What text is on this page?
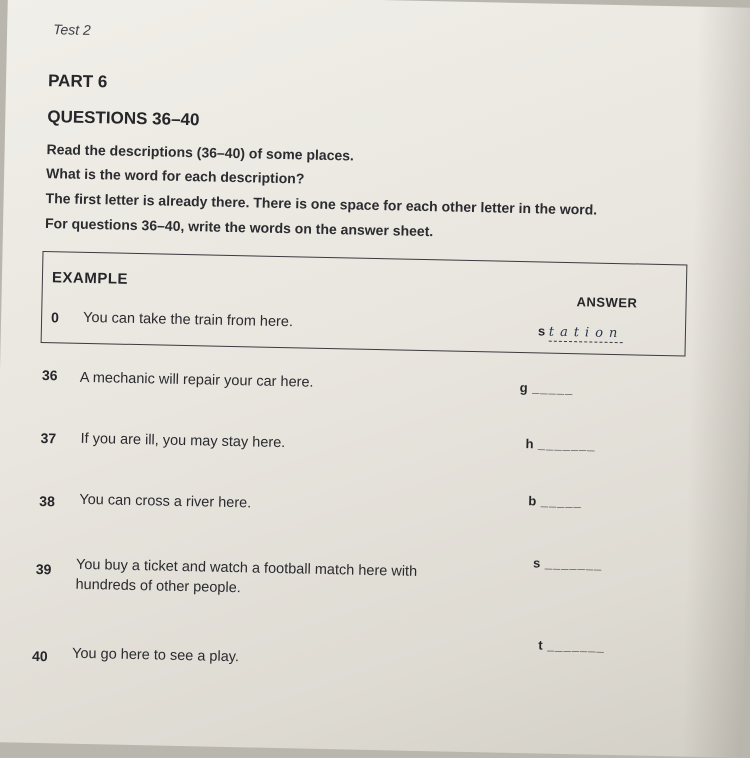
Test 2
PART 6
QUESTIONS 36–40
Read the descriptions (36–40) of some places.
What is the word for each description?
The first letter is already there. There is one space for each other letter in the word.
For questions 36–40, write the words on the answer sheet.
EXAMPLE
ANSWER
0 You can take the train from here.
s tation
36 A mechanic will repair your car here.	g _____
37 If you are ill, you may stay here.	h _______
38 You can cross a river here.	b _____
39 You buy a ticket and watch a football match here with
hundreds of other people.
s _______
40 You go here to see a play.
t _______
